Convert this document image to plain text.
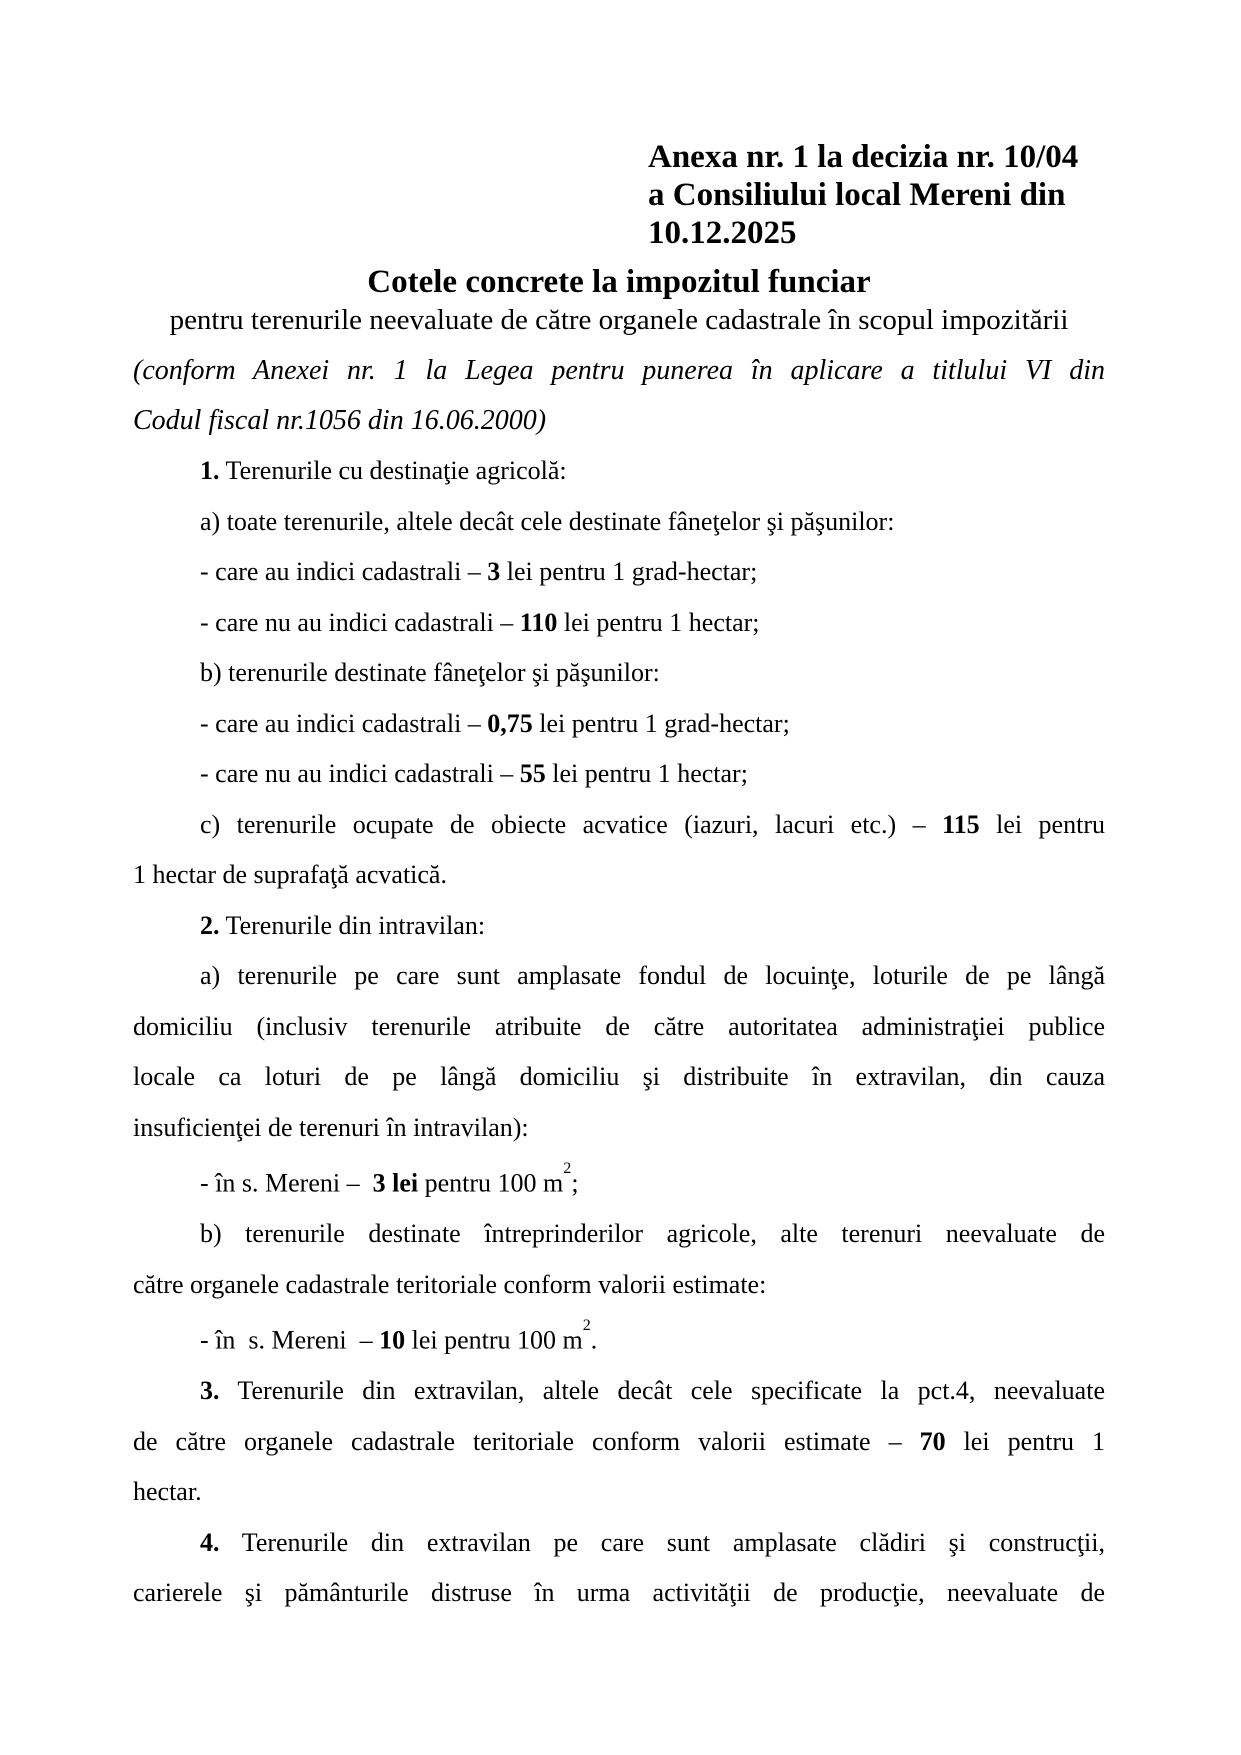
Anexa nr. 1 la decizia nr. 10/04
a Consiliului local Mereni din
10.12.2025
Cotele concrete la impozitul funciar
pentru terenurile neevaluate de către organele cadastrale în scopul impozitării
(conform Anexei nr. 1 la Legea pentru punerea în aplicare a titlului VI din
Codul fiscal nr.1056 din 16.06.2000)

1. Terenurile cu destinaţie agricolă:

a) toate terenurile, altele decât cele destinate fâneţelor şi păşunilor:

- care au indici cadastrali – 3 lei pentru 1 grad-hectar;

- care nu au indici cadastrali – 110 lei pentru 1 hectar;

b) terenurile destinate fâneţelor şi păşunilor:

- care au indici cadastrali – 0,75 lei pentru 1 grad-hectar;

- care nu au indici cadastrali – 55 lei pentru 1 hectar;

c) terenurile ocupate de obiecte acvatice (iazuri, lacuri etc.) – 115 lei pentru

1 hectar de suprafaţă acvatică.

2. Terenurile din intravilan:

a) terenurile pe care sunt amplasate fondul de locuinţe, loturile de pe lângă

domiciliu (inclusiv terenurile atribuite de către autoritatea administraţiei publice

locale ca loturi de pe lângă domiciliu şi distribuite în extravilan, din cauza

insuficienţei de terenuri în intravilan):

- în s. Mereni –  3 lei pentru 100 $m^2$;

b) terenurile destinate întreprinderilor agricole, alte terenuri neevaluate de

către organele cadastrale teritoriale conform valorii estimate:

- în  s. Mereni  – 10 lei pentru 100 $m^2$.

3. Terenurile din extravilan, altele decât cele specificate la pct.4, neevaluate

de către organele cadastrale teritoriale conform valorii estimate – 70 lei pentru 1

hectar.

4. Terenurile din extravilan pe care sunt amplasate clădiri şi construcţii,

carierele şi pământurile distruse în urma activităţii de producţie, neevaluate de
